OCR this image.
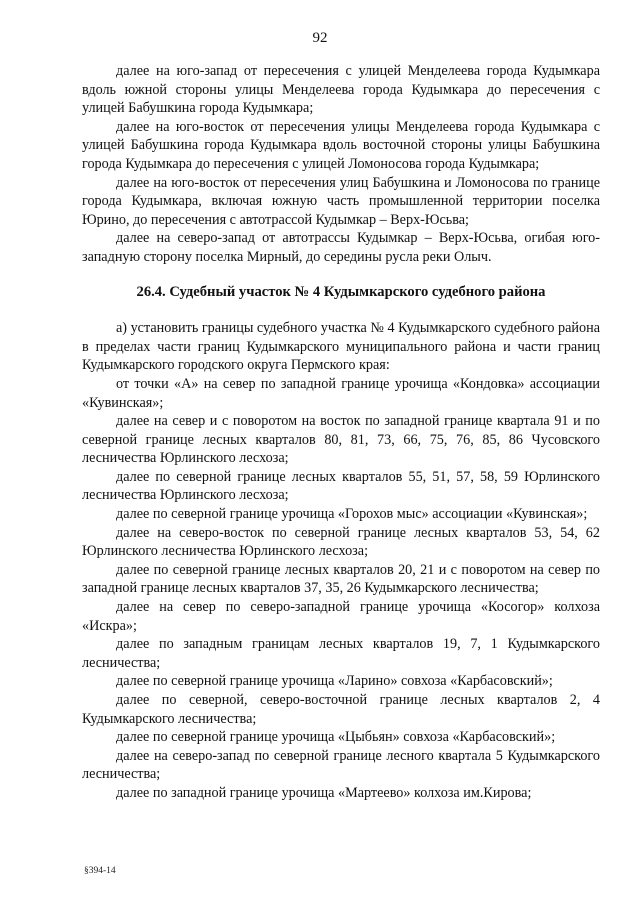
92

далее на юго-запад от пересечения с улицей Менделеева города Кудымкара вдоль южной стороны улицы Менделеева города Кудымкара до пересечения с улицей Бабушкина города Кудымкара;

далее на юго-восток от пересечения улицы Менделеева города Кудымкара с улицей Бабушкина города Кудымкара вдоль восточной стороны улицы Бабушкина города Кудымкара до пересечения с улицей Ломоносова города Кудымкара;

далее на юго-восток от пересечения улиц Бабушкина и Ломоносова по границе города Кудымкара, включая южную часть промышленной территории поселка Юрино, до пересечения с автотрассой Кудымкар – Верх-Юсьва;

далее на северо-запад от автотрассы Кудымкар – Верх-Юсьва, огибая юго-западную сторону поселка Мирный, до середины русла реки Олыч.

26.4. Судебный участок № 4 Кудымкарского судебного района

а) установить границы судебного участка № 4 Кудымкарского судебного района в пределах части границ Кудымкарского муниципального района и части границ Кудымкарского городского округа Пермского края:

от точки «А» на север по западной границе урочища «Кондовка» ассоциации «Кувинская»;

далее на север и с поворотом на восток по западной границе квартала 91 и по северной границе лесных кварталов 80, 81, 73, 66, 75, 76, 85, 86 Чусовского лесничества Юрлинского лесхоза;

далее по северной границе лесных кварталов 55, 51, 57, 58, 59 Юрлинского лесничества Юрлинского лесхоза;

далее по северной границе урочища «Горохов мыс» ассоциации «Кувинская»;

далее на северо-восток по северной границе лесных кварталов 53, 54, 62 Юрлинского лесничества Юрлинского лесхоза;

далее по северной границе лесных кварталов 20, 21 и с поворотом на север по западной границе лесных кварталов 37, 35, 26 Кудымкарского лесничества;

далее на север по северо-западной границе урочища «Косогор» колхоза «Искра»;

далее по западным границам лесных кварталов 19, 7, 1 Кудымкарского лесничества;

далее по северной границе урочища «Ларино» совхоза «Карбасовский»;

далее по северной, северо-восточной границе лесных кварталов 2, 4 Кудымкарского лесничества;

далее по северной границе урочища «Цыбьян» совхоза «Карбасовский»;

далее на северо-запад по северной границе лесного квартала 5 Кудымкарского лесничества;

далее по западной границе урочища «Мартеево» колхоза им.Кирова;

§394-14
